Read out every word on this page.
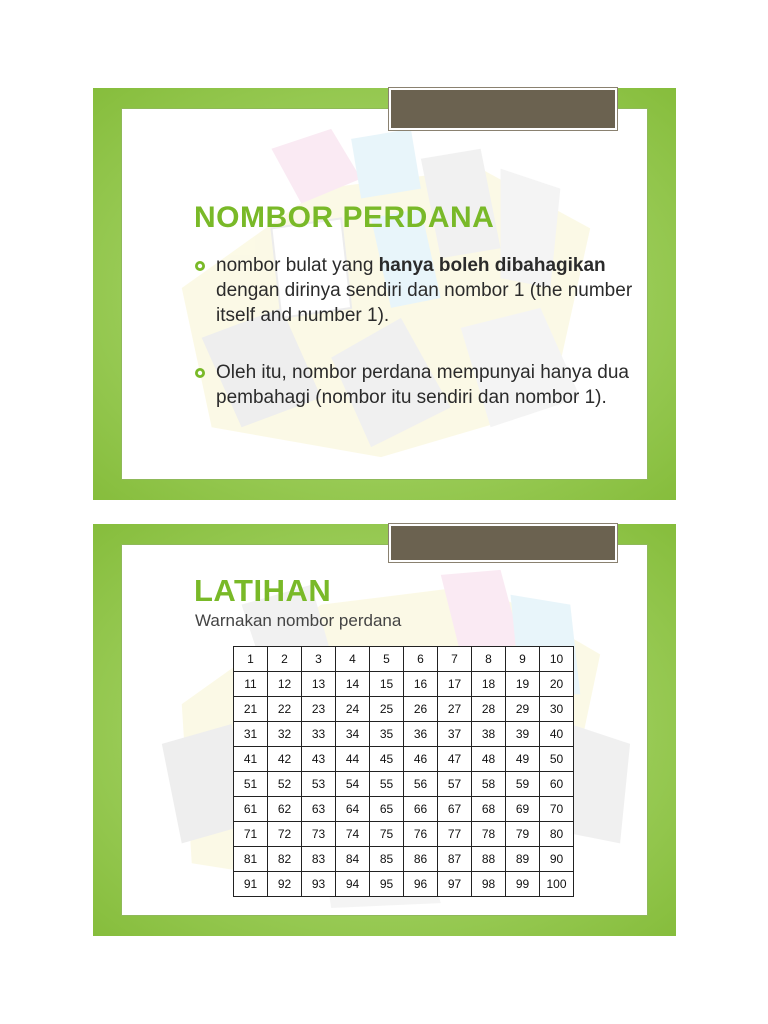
NOMBOR PERDANA
nombor bulat yang hanya boleh dibahagikan dengan dirinya sendiri dan nombor 1 (the number itself and number 1).
Oleh itu, nombor perdana mempunyai hanya dua pembahagi (nombor itu sendiri dan nombor 1).
LATIHAN

Warnakan nombor perdana

1	2	3	4	5	6	7	8	9	10
11	12	13	14	15	16	17	18	19	20
21	22	23	24	25	26	27	28	29	30
31	32	33	34	35	36	37	38	39	40
41	42	43	44	45	46	47	48	49	50
51	52	53	54	55	56	57	58	59	60
61	62	63	64	65	66	67	68	69	70
71	72	73	74	75	76	77	78	79	80
81	82	83	84	85	86	87	88	89	90
91	92	93	94	95	96	97	98	99	100
